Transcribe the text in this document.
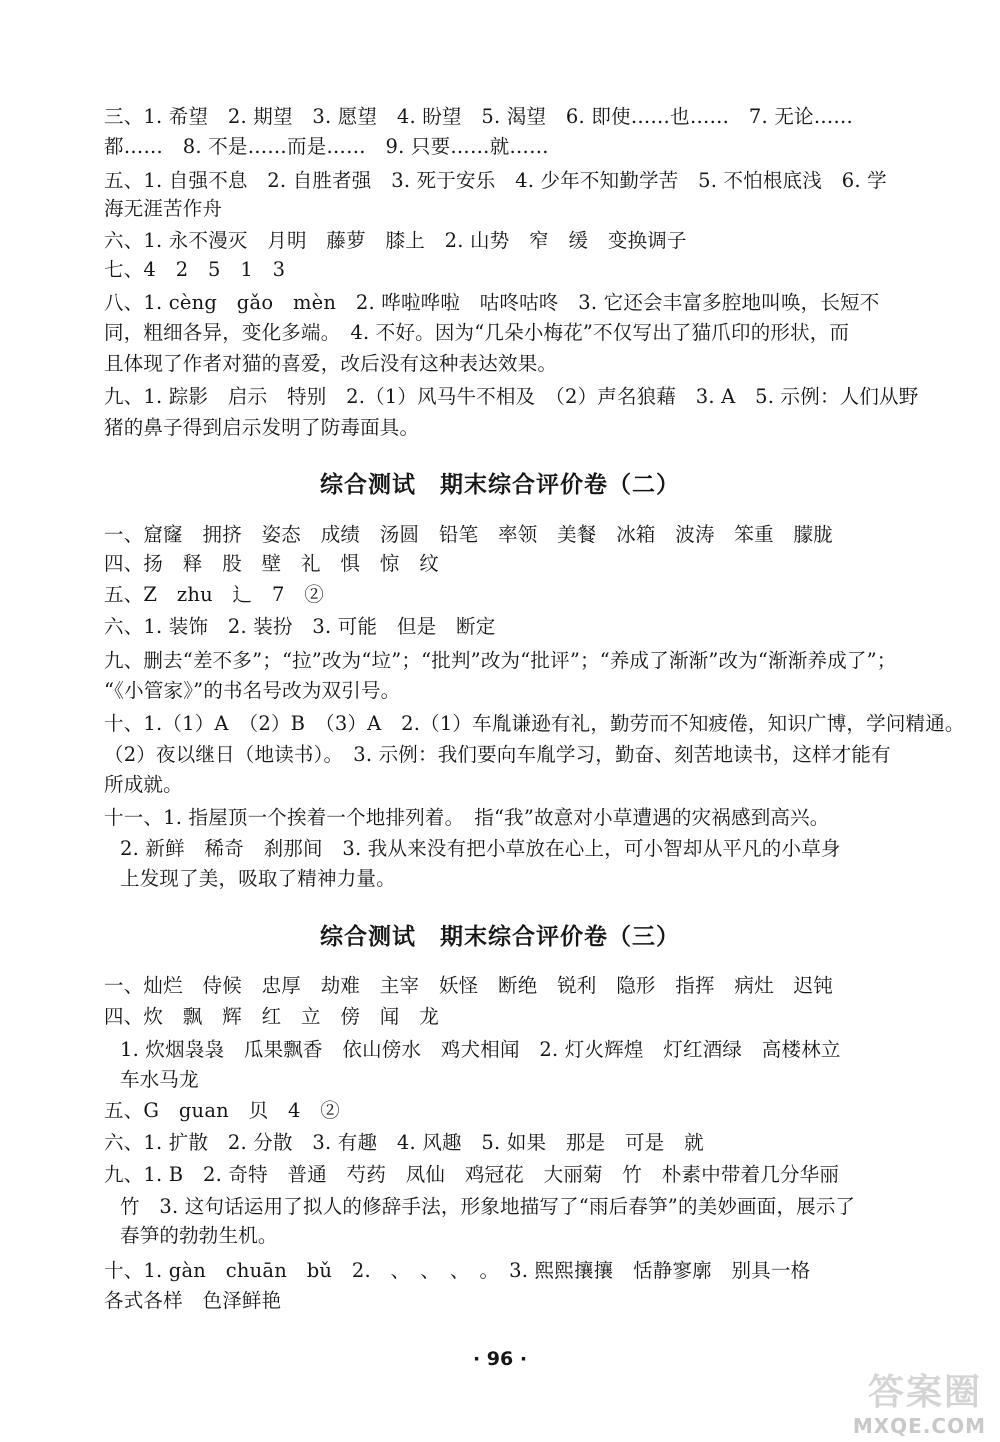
三、1. 希望　2. 期望　3. 愿望　4. 盼望　5. 渴望　6. 即使……也……　7. 无论……
都……　8. 不是……而是……　9. 只要……就……
五、1. 自强不息　2. 自胜者强　3. 死于安乐　4. 少年不知勤学苦　5. 不怕根底浅　6. 学
海无涯苦作舟
六、1. 永不漫灭　月明　藤萝　膝上　2. 山势　窄　缓　变换调子
七、4　2　5　1　3
八、1. cèng　gǎo　mèn　2. 哗啦哗啦　咕咚咕咚　3. 它还会丰富多腔地叫唤，长短不
同，粗细各异，变化多端。　4. 不好。因为“几朵小梅花”不仅写出了猫爪印的形状，而
且体现了作者对猫的喜爱，改后没有这种表达效果。
九、1. 踪影　启示　特别　2.（1）风马牛不相及　（2）声名狼藉　3. A　5. 示例：人们从野
猪的鼻子得到启示发明了防毒面具。
综合测试　期末综合评价卷（二）
一、窟窿　拥挤　姿态　成绩　汤圆　铅笔　率领　美餐　冰箱　波涛　笨重　朦胧
四、扬　释　股　壁　礼　惧　惊　纹
五、Z　zhu　辶　7　②
六、1. 装饰　2. 装扮　3. 可能　但是　断定
九、删去“差不多”；“拉”改为“垃”；“批判”改为“批评”；“养成了渐渐”改为“渐渐养成了”；
“《小管家》”的书名号改为双引号。
十、1.（1）A　（2）B　（3）A　2.（1）车胤谦逊有礼，勤劳而不知疲倦，知识广博，学问精通。
（2）夜以继日（地读书）。　3. 示例：我们要向车胤学习，勤奋、刻苦地读书，这样才能有
所成就。
十一、1. 指屋顶一个挨着一个地排列着。　指“我”故意对小草遭遇的灾祸感到高兴。
2. 新鲜　稀奇　刹那间　3. 我从来没有把小草放在心上，可小智却从平凡的小草身
上发现了美，吸取了精神力量。
综合测试　期末综合评价卷（三）
一、灿烂　侍候　忠厚　劫难　主宰　妖怪　断绝　锐利　隐形　指挥　病灶　迟钝
四、炊　飘　辉　红　立　傍　闻　龙
1. 炊烟袅袅　瓜果飘香　依山傍水　鸡犬相闻　2. 灯火辉煌　灯红酒绿　高楼林立
车水马龙
五、G　guan　贝　4　②
六、1. 扩散　2. 分散　3. 有趣　4. 风趣　5. 如果　那是　可是　就
九、1. B　2. 奇特　普通　芍药　凤仙　鸡冠花　大丽菊　竹　朴素中带着几分华丽
竹　3. 这句话运用了拟人的修辞手法，形象地描写了“雨后春笋”的美妙画面，展示了
春笋的勃勃生机。
十、1. gàn　chuān　bǔ　2.　、　、　、　。　3. 熙熙攘攘　恬静寥廓　别具一格
各式各样　色泽鲜艳
· 96 ·
答案圈
MXQE.COM
